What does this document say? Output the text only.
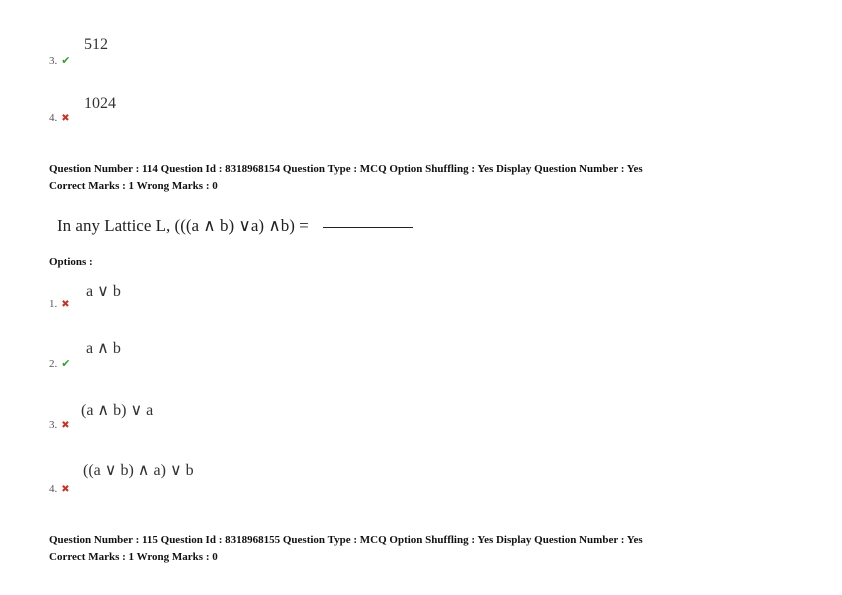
512
3. ✔
1024
4. ✖
Question Number : 114 Question Id : 8318968154 Question Type : MCQ Option Shuffling : Yes Display Question Number : Yes
Correct Marks : 1 Wrong Marks : 0
In any Lattice L, (((a ∧ b) ∨a) ∧b) =
Options :
a ∨ b
1. ✖
a ∧ b
2. ✔
(a ∧ b) ∨ a
3. ✖
((a ∨ b) ∧ a) ∨ b
4. ✖
Question Number : 115 Question Id : 8318968155 Question Type : MCQ Option Shuffling : Yes Display Question Number : Yes
Correct Marks : 1 Wrong Marks : 0
